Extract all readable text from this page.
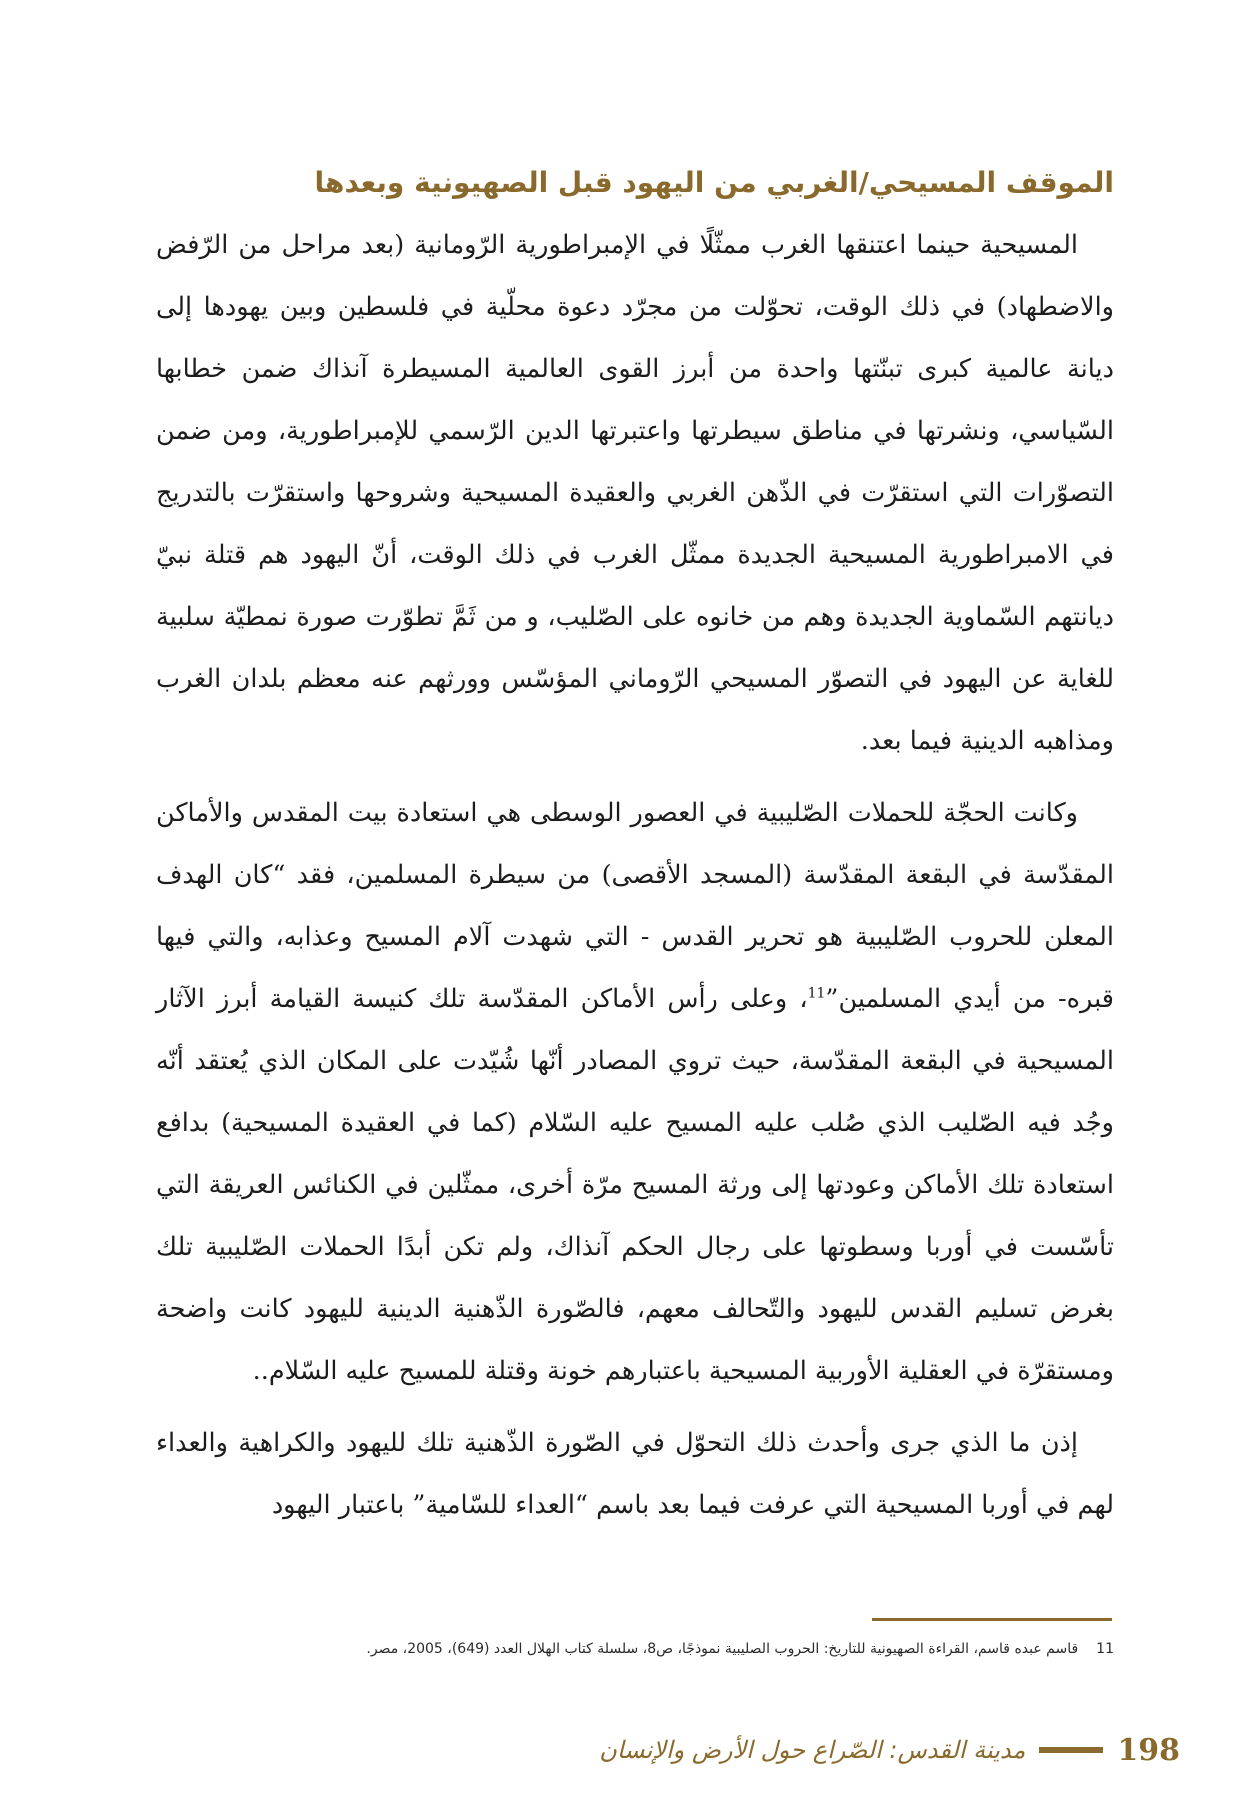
الموقف المسيحي/الغربي من اليهود قبل الصهيونية وبعدها

المسيحية حينما اعتنقها الغرب ممثّلًا في الإمبراطورية الرّومانية (بعد مراحل من الرّفض والاضطهاد) في ذلك الوقت، تحوّلت من مجرّد دعوة محلّية في فلسطين وبين يهودها إلى ديانة عالمية كبرى تبنّتها واحدة من أبرز القوى العالمية المسيطرة آنذاك ضمن خطابها السّياسي، ونشرتها في مناطق سيطرتها واعتبرتها الدين الرّسمي للإمبراطورية، ومن ضمن التصوّرات التي استقرّت في الذّهن الغربي والعقيدة المسيحية وشروحها واستقرّت بالتدريج في الامبراطورية المسيحية الجديدة ممثّل الغرب في ذلك الوقت، أنّ اليهود هم قتلة نبيّ ديانتهم السّماوية الجديدة وهم من خانوه على الصّليب، و من ثَمَّ تطوّرت صورة نمطيّة سلبية للغاية عن اليهود في التصوّر المسيحي الرّوماني المؤسّس وورثهم عنه معظم بلدان الغرب ومذاهبه الدينية فيما بعد.

وكانت الحجّة للحملات الصّليبية في العصور الوسطى هي استعادة بيت المقدس والأماكن المقدّسة في البقعة المقدّسة (المسجد الأقصى) من سيطرة المسلمين، فقد “كان الهدف المعلن للحروب الصّليبية هو تحرير القدس - التي شهدت آلام المسيح وعذابه، والتي فيها قبره- من أيدي المسلمين”$^{11}$، وعلى رأس الأماكن المقدّسة تلك كنيسة القيامة أبرز الآثار المسيحية في البقعة المقدّسة، حيث تروي المصادر أنّها شُيّدت على المكان الذي يُعتقد أنّه وجُد فيه الصّليب الذي صُلب عليه المسيح عليه السّلام (كما في العقيدة المسيحية) بدافع استعادة تلك الأماكن وعودتها إلى ورثة المسيح مرّة أخرى، ممثّلين في الكنائس العريقة التي تأسّست في أوربا وسطوتها على رجال الحكم آنذاك، ولم تكن أبدًا الحملات الصّليبية تلك بغرض تسليم القدس لليهود والتّحالف معهم، فالصّورة الذّهنية الدينية لليهود كانت واضحة ومستقرّة في العقلية الأوربية المسيحية باعتبارهم خونة وقتلة للمسيح عليه السّلام..

إذن ما الذي جرى وأحدث ذلك التحوّل في الصّورة الذّهنية تلك لليهود والكراهية والعداء لهم في أوربا المسيحية التي عرفت فيما بعد باسم “العداء للسّامية” باعتبار اليهود

11قاسم عبده قاسم، القراءة الصهيونية للتاريخ: الحروب الصليبية نموذجًا، ص8، سلسلة كتاب الهلال العدد (649)، 2005، مصر.
198
مدينة القدس: الصّراع حول الأرض والإنسان
